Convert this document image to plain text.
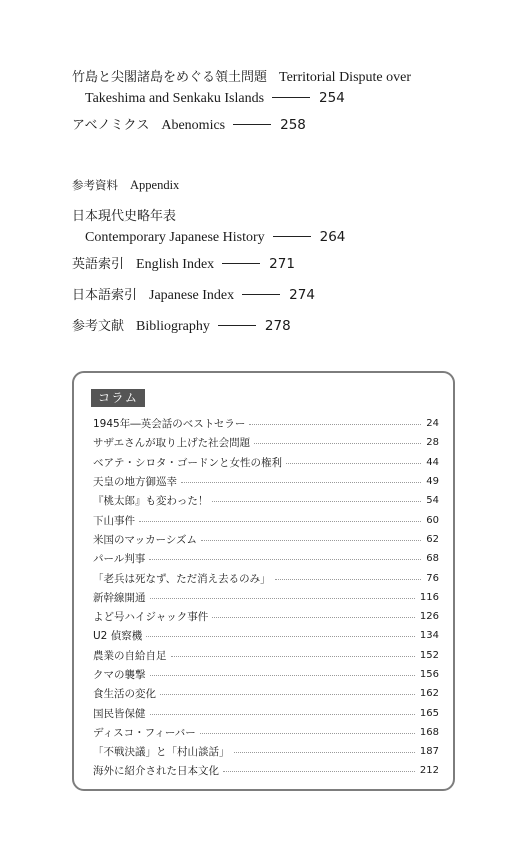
竹島と尖閣諸島をめぐる領土問題 Territorial Dispute over
Takeshima and Senkaku Islands	254
アベノミクス Abenomics	258
参考資料 Appendix
日本現代史略年表
Contemporary Japanese History	264
英語索引 English Index	271
日本語索引 Japanese Index	274
参考文献 Bibliography	278
コラム
1945年―英会話のベストセラー	24
サザエさんが取り上げた社会問題	28
ベアテ・シロタ・ゴードンと女性の権利	44
天皇の地方御巡幸	49
『桃太郎』も変わった！	54
下山事件	60
米国のマッカーシズム	62
パール判事	68
「老兵は死なず、ただ消え去るのみ」	76
新幹線開通	116
よど号ハイジャック事件	126
U2 偵察機	134
農業の自給自足	152
クマの襲撃	156
食生活の変化	162
国民皆保健	165
ディスコ・フィーバー	168
「不戦決議」と「村山談話」	187
海外に紹介された日本文化	212
